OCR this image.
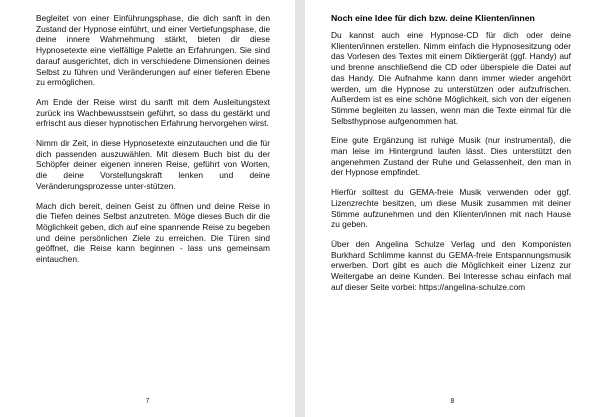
Begleitet von einer Einführungsphase, die dich sanft in den Zustand der Hypnose einführt, und einer Vertiefungsphase, die deine innere Wahrnehmung stärkt, bieten dir diese Hypnosetexte eine vielfältige Palette an Erfahrungen. Sie sind darauf ausgerichtet, dich in verschiedene Dimensionen deines Selbst zu führen und Veränderungen auf einer tieferen Ebene zu ermöglichen.

Am Ende der Reise wirst du sanft mit dem Ausleitungstext zurück ins Wachbewusstsein geführt, so dass du gestärkt und erfrischt aus dieser hypnotischen Erfahrung hervorgehen wirst.

Nimm dir Zeit, in diese Hypnosetexte einzutauchen und die für dich passenden auszuwählen. Mit diesem Buch bist du der Schöpfer deiner eigenen inneren Reise, geführt von Worten, die deine Vorstellungskraft lenken und deine Veränderungsprozesse unter-stützen.

Mach dich bereit, deinen Geist zu öffnen und deine Reise in die Tiefen deines Selbst anzutreten. Möge dieses Buch dir die Möglichkeit geben, dich auf eine spannende Reise zu begeben und deine persönlichen Ziele zu erreichen. Die Türen sind geöffnet, die Reise kann beginnen - lass uns gemeinsam eintauchen.

7
Noch eine Idee für dich bzw. deine Klienten/innen

Du kannst auch eine Hypnose-CD für dich oder deine Klienten/innen erstellen. Nimm einfach die Hypnosesitzung oder das Vorlesen des Textes mit einem Diktiergerät (ggf. Handy) auf und brenne anschließend die CD oder überspiele die Datei auf das Handy. Die Aufnahme kann dann immer wieder angehört werden, um die Hypnose zu unterstützen oder aufzufrischen. Außerdem ist es eine schöne Möglichkeit, sich von der eigenen Stimme begleiten zu lassen, wenn man die Texte einmal für die Selbsthypnose aufgenommen hat.

Eine gute Ergänzung ist ruhige Musik (nur instrumental), die man leise im Hintergrund laufen lässt. Dies unterstützt den angenehmen Zustand der Ruhe und Gelassenheit, den man in der Hypnose empfindet.

Hierfür solltest du GEMA-freie Musik verwenden oder ggf. Lizenzrechte besitzen, um diese Musik zusammen mit deiner Stimme aufzunehmen und den Klienten/innen mit nach Hause zu geben.

Über den Angelina Schulze Verlag und den Komponisten Burkhard Schlimme kannst du GEMA-freie Entspannungsmusik erwerben. Dort gibt es auch die Möglichkeit einer Lizenz zur Weitergabe an deine Kunden. Bei Interesse schau einfach mal auf dieser Seite vorbei: https://angelina-schulze.com

8
